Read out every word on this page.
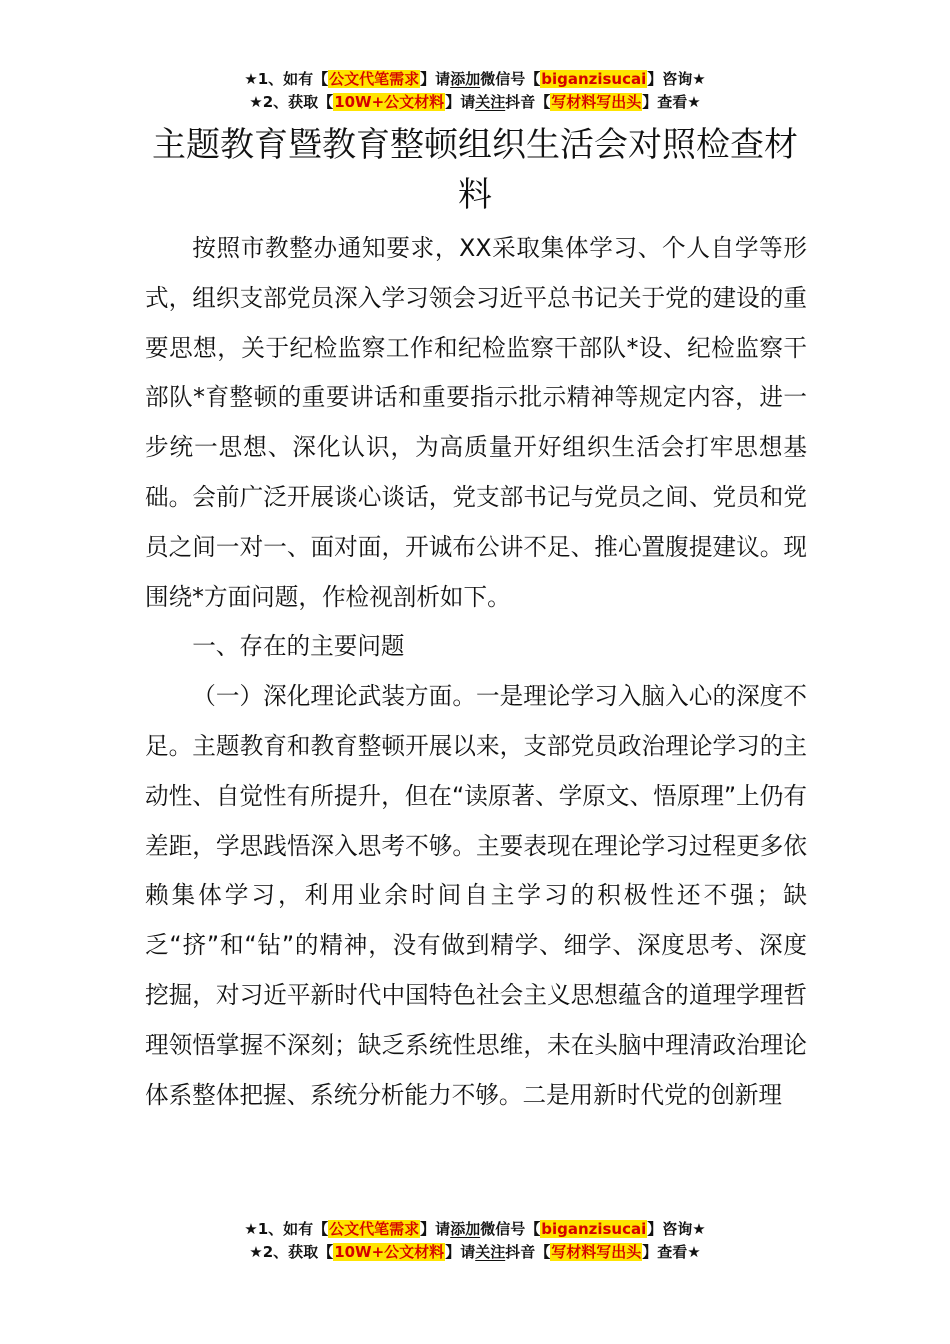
★1、如有【公文代笔需求】请添加微信号【biganzisucai】咨询★
★2、获取【10W+公文材料】请关注抖音【写材料写出头】查看★
主题教育暨教育整顿组织生活会对照检查材料

按照市教整办通知要求，XX采取集体学习、个人自学等形式，组织支部党员深入学习领会习近平总书记关于党的建设的重要思想，关于纪检监察工作和纪检监察干部队*设、纪检监察干部队*育整顿的重要讲话和重要指示批示精神等规定内容，进一步统一思想、深化认识，为高质量开好组织生活会打牢思想基础。会前广泛开展谈心谈话，党支部书记与党员之间、党员和党员之间一对一、面对面，开诚布公讲不足、推心置腹提建议。现围绕*方面问题，作检视剖析如下。

一、存在的主要问题

（一）深化理论武装方面。一是理论学习入脑入心的深度不足。主题教育和教育整顿开展以来，支部党员政治理论学习的主动性、自觉性有所提升，但在“读原著、学原文、悟原理”上仍有差距，学思践悟深入思考不够。主要表现在理论学习过程更多依赖集体学习，利用业余时间自主学习的积极性还不强；缺乏“挤”和“钻”的精神，没有做到精学、细学、深度思考、深度挖掘，对习近平新时代中国特色社会主义思想蕴含的道理学理哲理领悟掌握不深刻；缺乏系统性思维，未在头脑中理清政治理论体系整体把握、系统分析能力不够。二是用新时代党的创新理

★1、如有【公文代笔需求】请添加微信号【biganzisucai】咨询★
★2、获取【10W+公文材料】请关注抖音【写材料写出头】查看★
